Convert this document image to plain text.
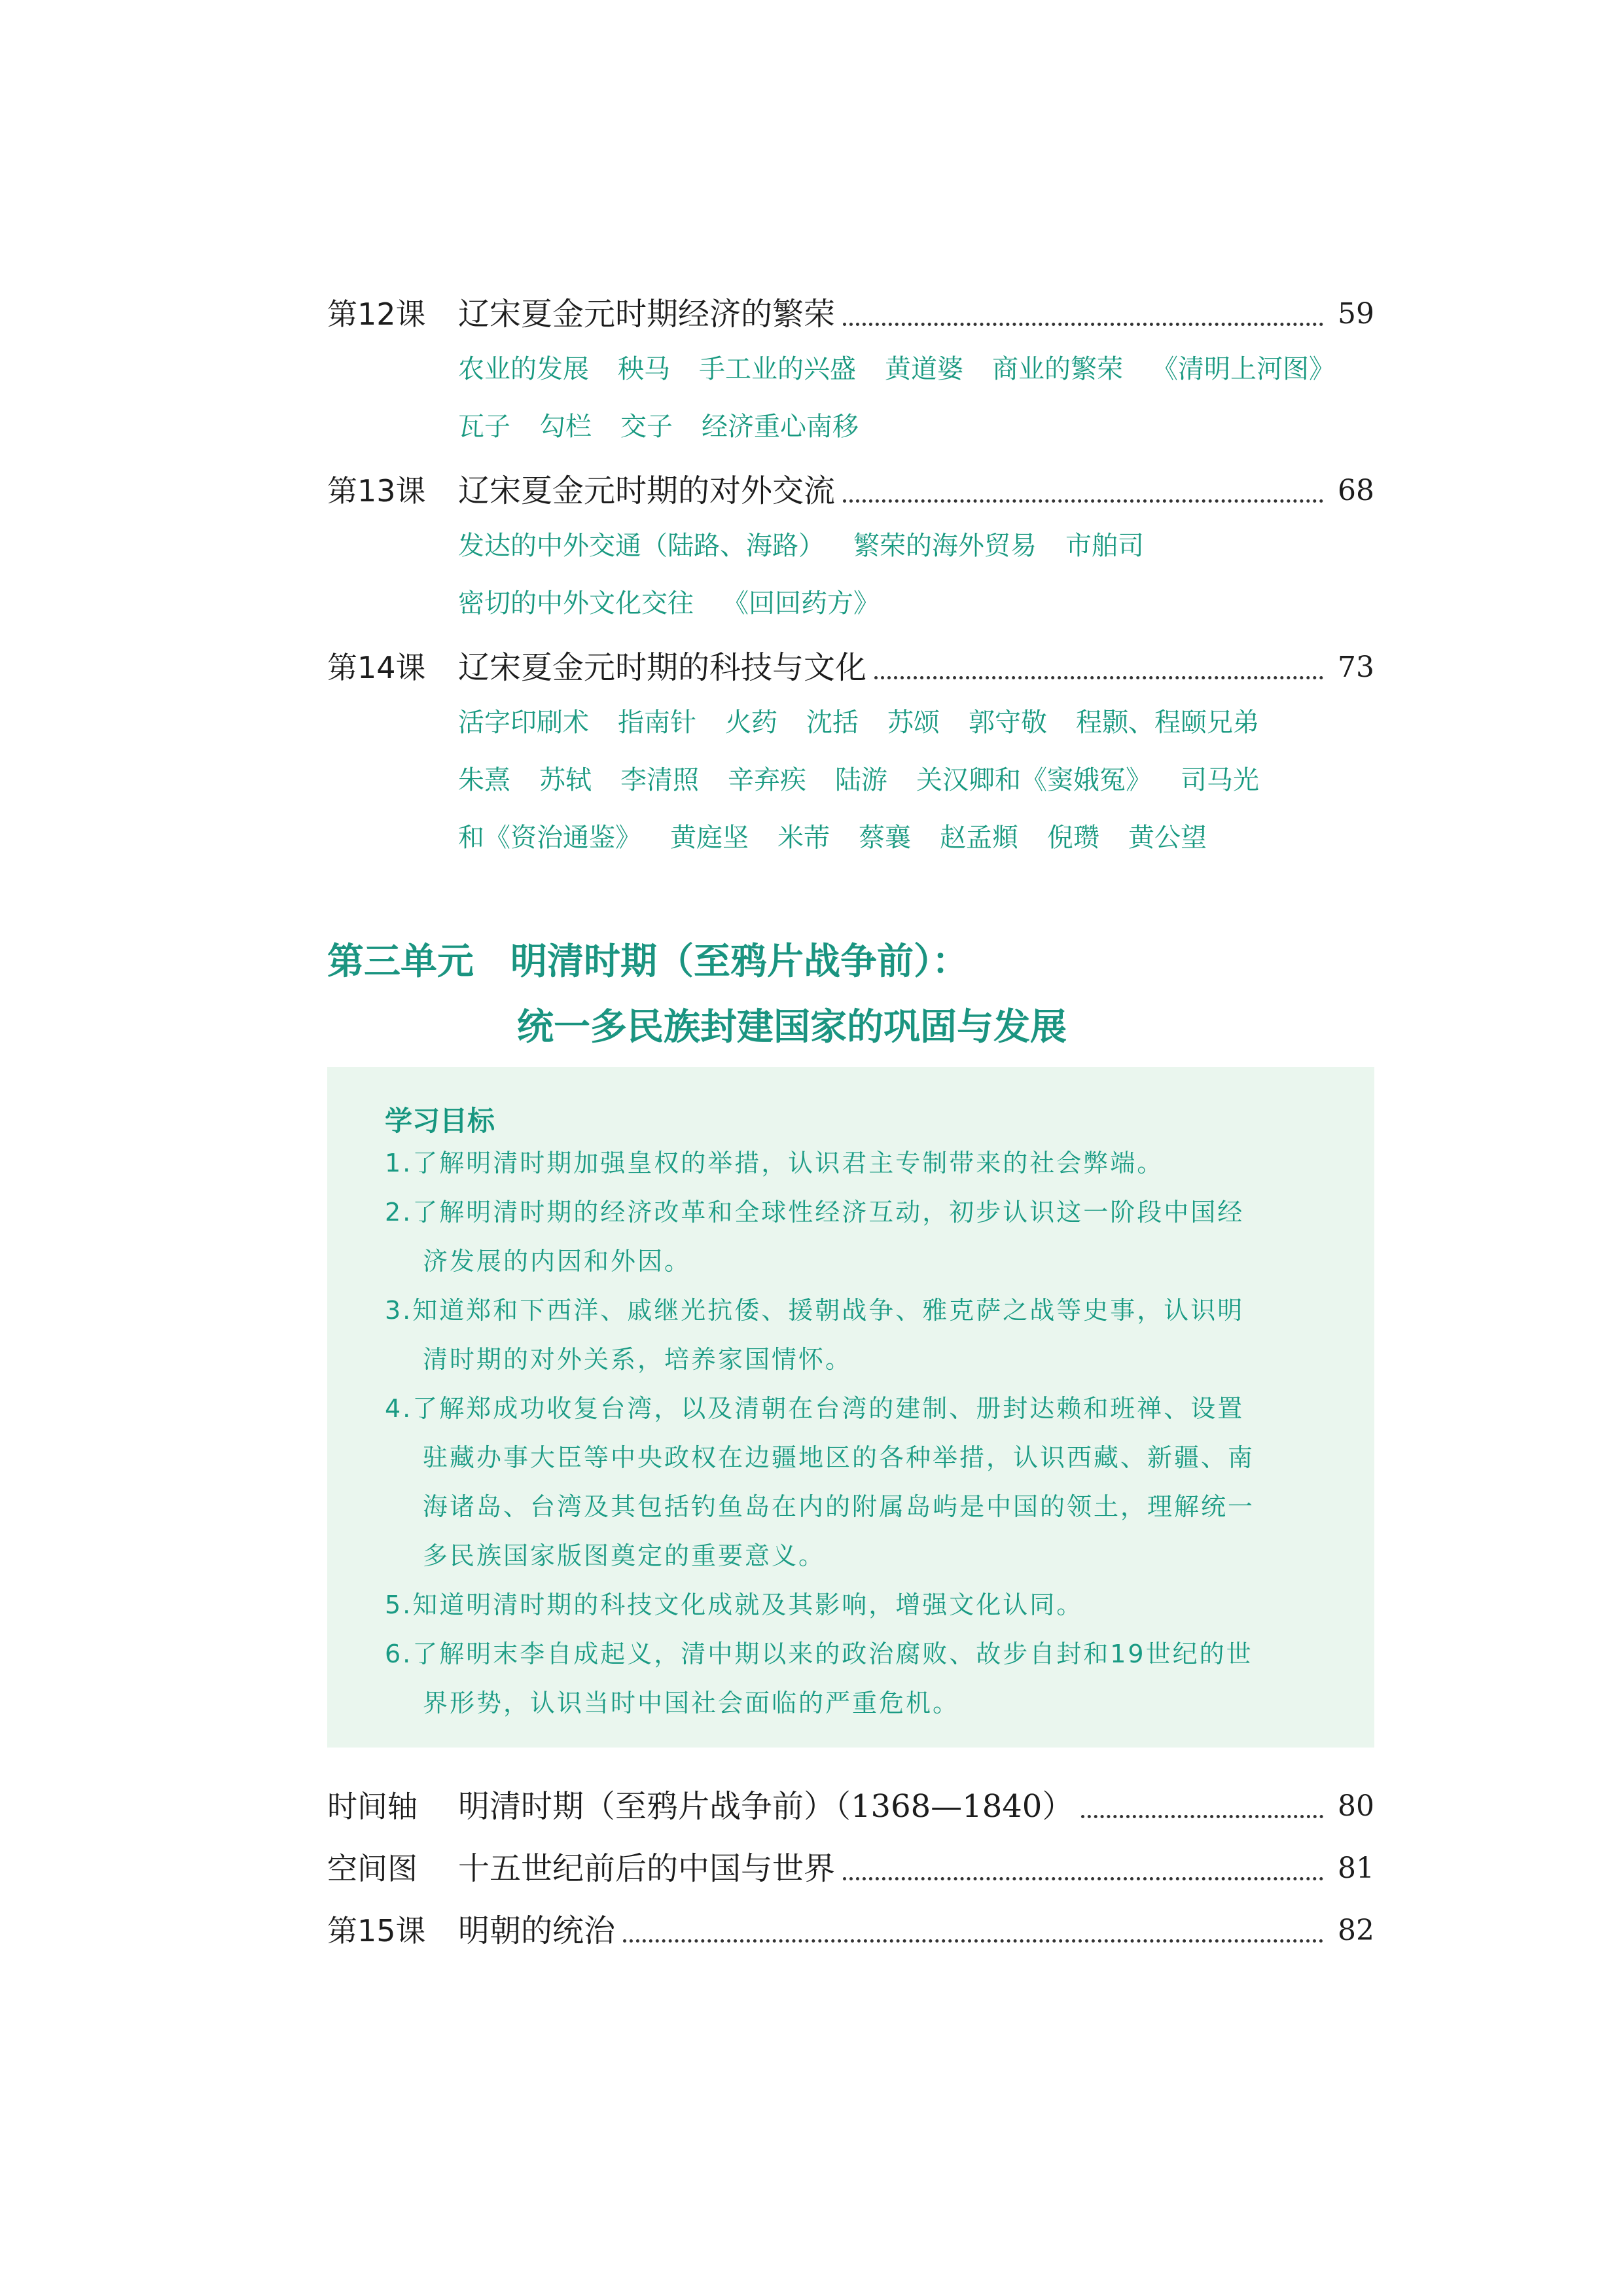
第12课	辽宋夏金元时期经济的繁荣	59
农业的发展 秧马 手工业的兴盛 黄道婆 商业的繁荣 《清明上河图》
瓦子 勾栏 交子 经济重心南移
第13课	辽宋夏金元时期的对外交流	68
发达的中外交通（陆路、海路） 繁荣的海外贸易 市舶司
密切的中外文化交往 《回回药方》
第14课	辽宋夏金元时期的科技与文化	73
活字印刷术 指南针 火药 沈括 苏颂 郭守敬 程颢、程颐兄弟
朱熹 苏轼 李清照 辛弃疾 陆游 关汉卿和《窦娥冤》 司马光
和《资治通鉴》 黄庭坚 米芾 蔡襄 赵孟頫 倪瓒 黄公望
第三单元　明清时期（至鸦片战争前）：
统一多民族封建国家的巩固与发展
学习目标
1.了解明清时期加强皇权的举措，认识君主专制带来的社会弊端。
2.了解明清时期的经济改革和全球性经济互动，初步认识这一阶段中国经
济发展的内因和外因。
3.知道郑和下西洋、戚继光抗倭、援朝战争、雅克萨之战等史事，认识明
清时期的对外关系，培养家国情怀。
4.了解郑成功收复台湾，以及清朝在台湾的建制、册封达赖和班禅、设置
驻藏办事大臣等中央政权在边疆地区的各种举措，认识西藏、新疆、南
海诸岛、台湾及其包括钓鱼岛在内的附属岛屿是中国的领土，理解统一
多民族国家版图奠定的重要意义。
5.知道明清时期的科技文化成就及其影响，增强文化认同。
6.了解明末李自成起义，清中期以来的政治腐败、故步自封和19世纪的世
界形势，认识当时中国社会面临的严重危机。
时间轴	明清时期（至鸦片战争前）（1368—1840）	80
空间图	十五世纪前后的中国与世界	81
第15课	明朝的统治	82
